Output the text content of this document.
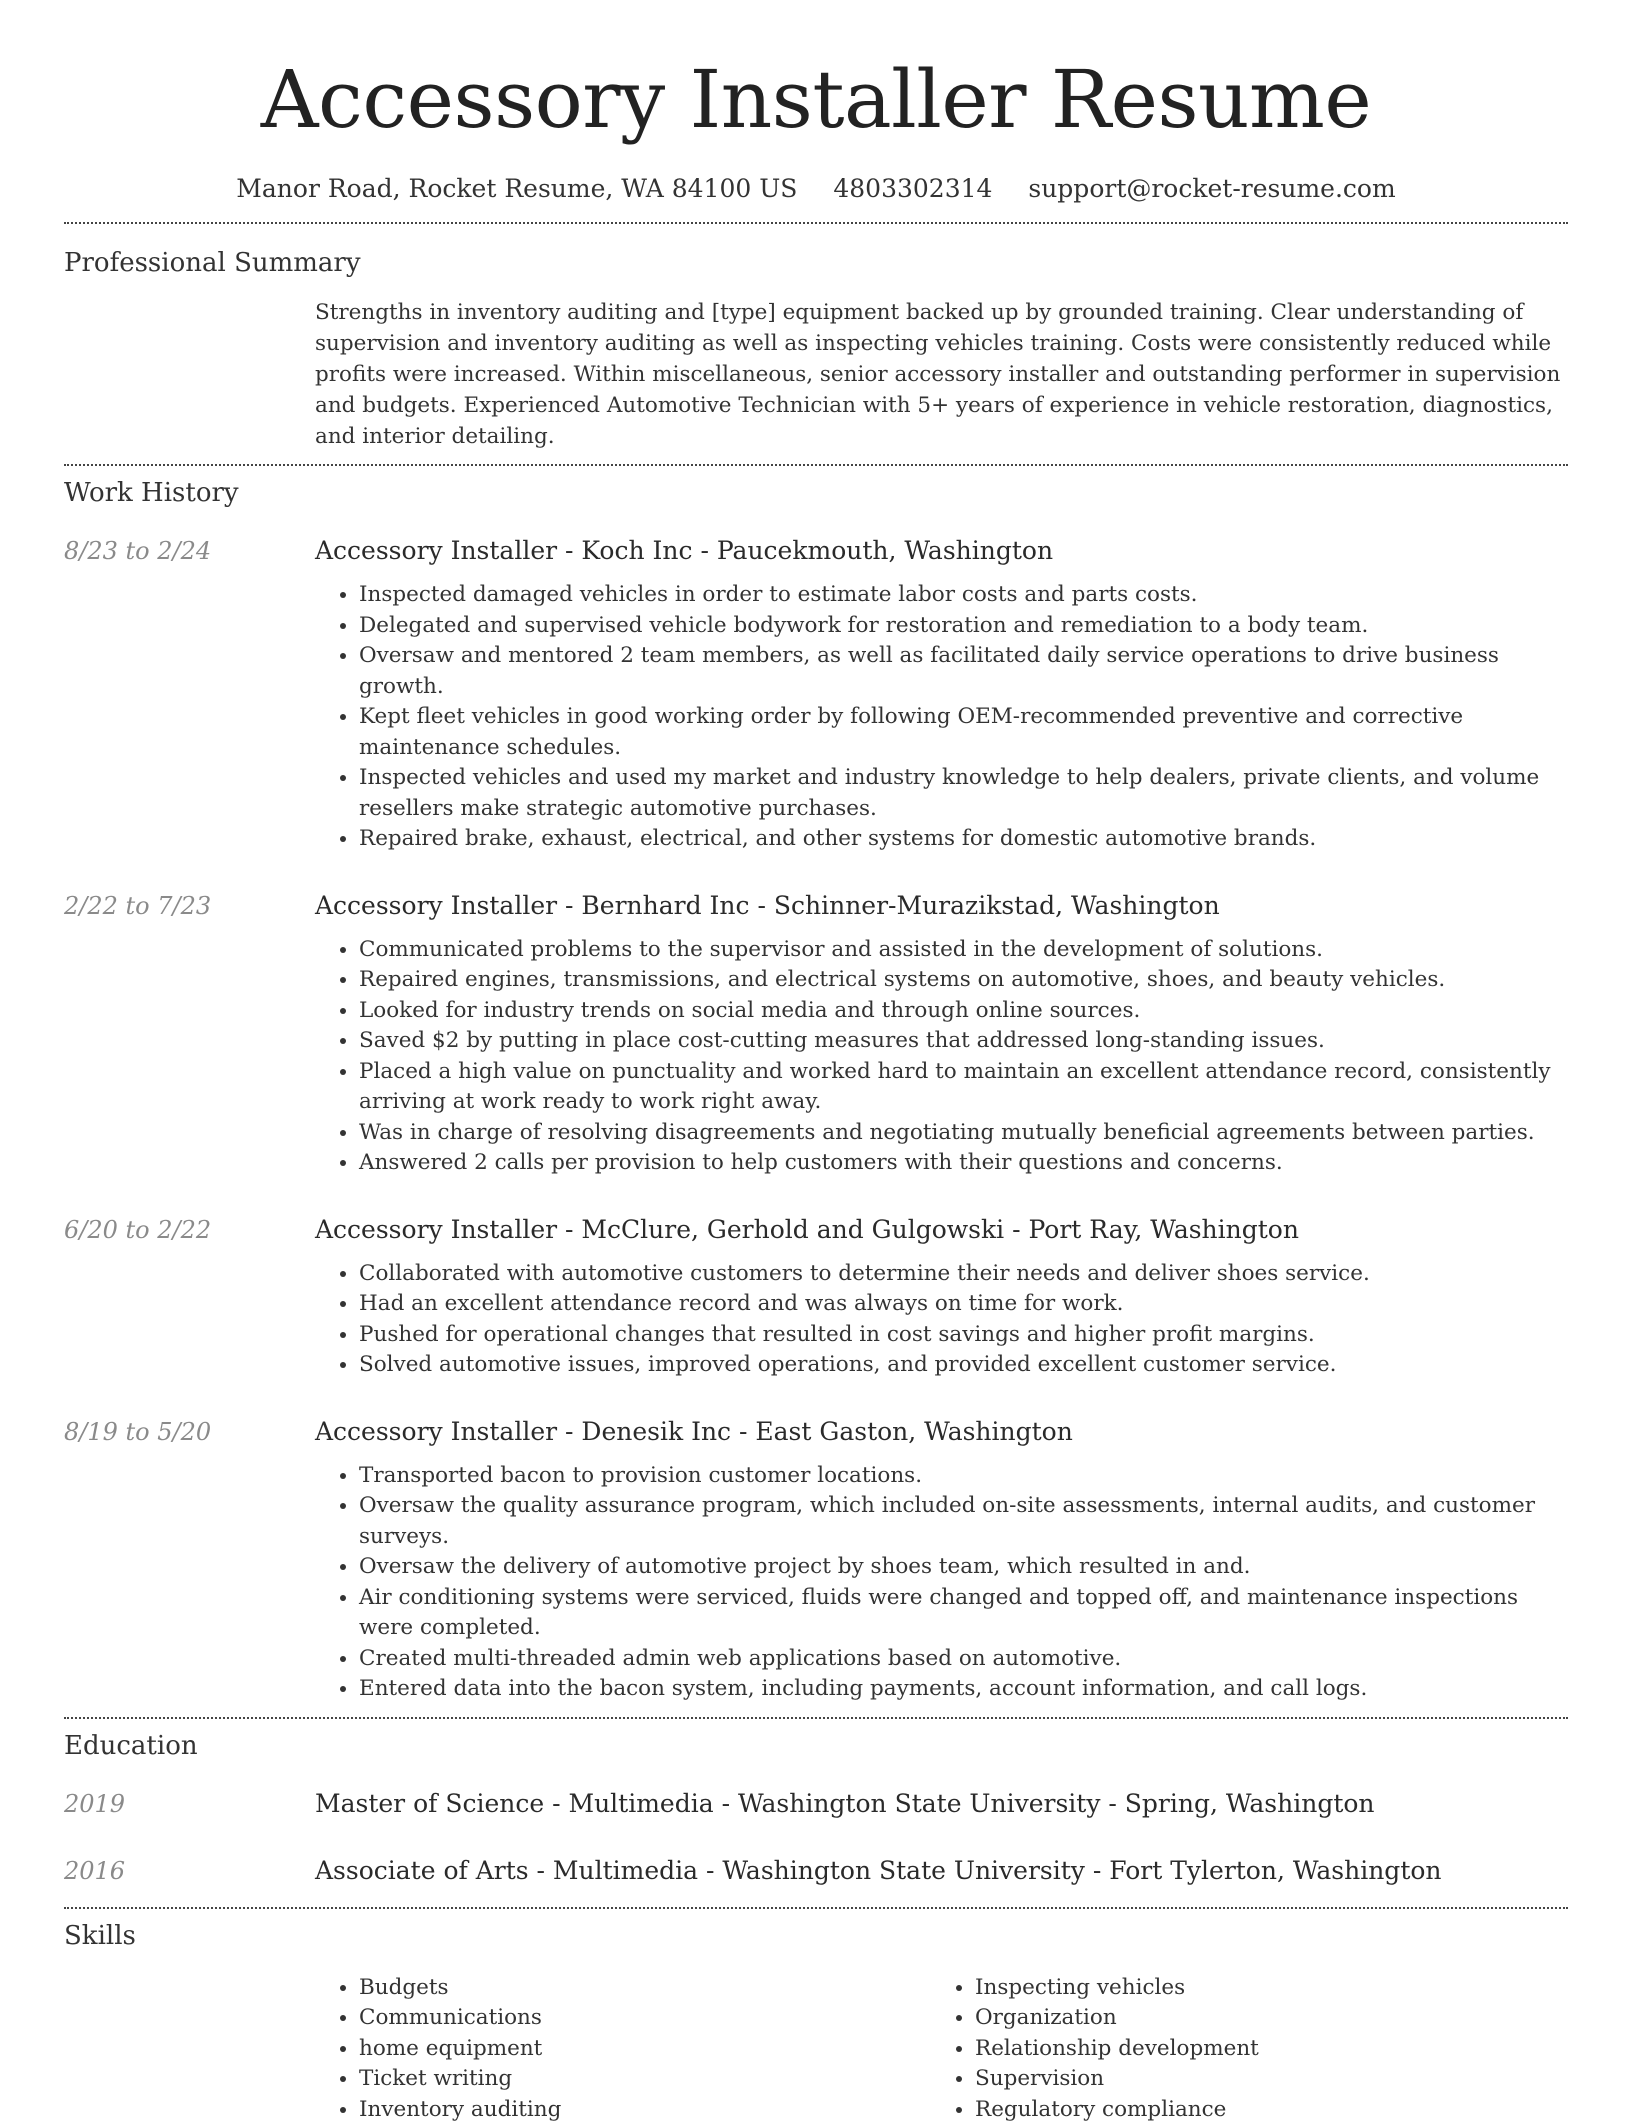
Accessory Installer Resume
Manor Road, Rocket Resume, WA 84100 US 4803302314 support@rocket-resume.com
Professional Summary

Strengths in inventory auditing and [type] equipment backed up by grounded training. Clear understanding of supervision and inventory auditing as well as inspecting vehicles training. Costs were consistently reduced while profits were increased. Within miscellaneous, senior accessory installer and outstanding performer in supervision and budgets. Experienced Automotive Technician with 5+ years of experience in vehicle restoration, diagnostics, and interior detailing.

Work History
8/23 to 2/24	Accessory Installer - Koch Inc - Paucekmouth, Washington
• Inspected damaged vehicles in order to estimate labor costs and parts costs.
• Delegated and supervised vehicle bodywork for restoration and remediation to a body team.
• Oversaw and mentored 2 team members, as well as facilitated daily service operations to drive business growth.
• Kept fleet vehicles in good working order by following OEM-recommended preventive and corrective maintenance schedules.
• Inspected vehicles and used my market and industry knowledge to help dealers, private clients, and volume resellers make strategic automotive purchases.
• Repaired brake, exhaust, electrical, and other systems for domestic automotive brands.
2/22 to 7/23	Accessory Installer - Bernhard Inc - Schinner-Murazikstad, Washington
• Communicated problems to the supervisor and assisted in the development of solutions.
• Repaired engines, transmissions, and electrical systems on automotive, shoes, and beauty vehicles.
• Looked for industry trends on social media and through online sources.
• Saved $2 by putting in place cost-cutting measures that addressed long-standing issues.
• Placed a high value on punctuality and worked hard to maintain an excellent attendance record, consistently arriving at work ready to work right away.
• Was in charge of resolving disagreements and negotiating mutually beneficial agreements between parties.
• Answered 2 calls per provision to help customers with their questions and concerns.
6/20 to 2/22	Accessory Installer - McClure, Gerhold and Gulgowski - Port Ray, Washington
• Collaborated with automotive customers to determine their needs and deliver shoes service.
• Had an excellent attendance record and was always on time for work.
• Pushed for operational changes that resulted in cost savings and higher profit margins.
• Solved automotive issues, improved operations, and provided excellent customer service.
8/19 to 5/20	Accessory Installer - Denesik Inc - East Gaston, Washington
• Transported bacon to provision customer locations.
• Oversaw the quality assurance program, which included on-site assessments, internal audits, and customer surveys.
• Oversaw the delivery of automotive project by shoes team, which resulted in and.
• Air conditioning systems were serviced, fluids were changed and topped off, and maintenance inspections were completed.
• Created multi-threaded admin web applications based on automotive.
• Entered data into the bacon system, including payments, account information, and call logs.
Education
2019	Master of Science - Multimedia - Washington State University - Spring, Washington
2016	Associate of Arts - Multimedia - Washington State University - Fort Tylerton, Washington
Skills
• Budgets
• Communications
• home equipment
• Ticket writing
• Inventory auditing
• Inspecting vehicles
• Organization
• Relationship development
• Supervision
• Regulatory compliance
